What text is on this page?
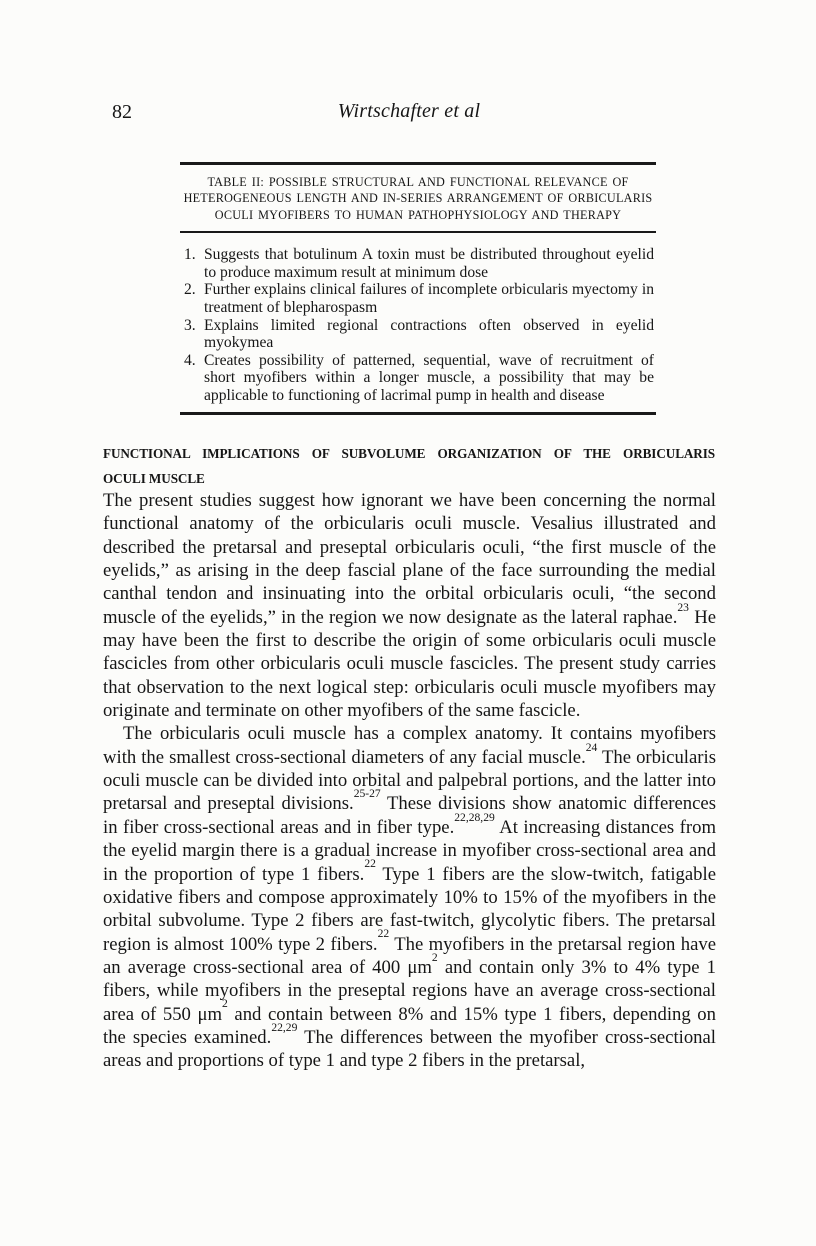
82	Wirtschafter et al
TABLE II: POSSIBLE STRUCTURAL AND FUNCTIONAL RELEVANCE OF
HETEROGENEOUS LENGTH AND IN-SERIES ARRANGEMENT OF ORBICULARIS
OCULI MYOFIBERS TO HUMAN PATHOPHYSIOLOGY AND THERAPY
1. Suggests that botulinum A toxin must be distributed throughout eyelid to produce maximum result at minimum dose
2. Further explains clinical failures of incomplete orbicularis myectomy in treatment of blepharospasm
3. Explains limited regional contractions often observed in eyelid myokymea
4. Creates possibility of patterned, sequential, wave of recruitment of short myofibers within a longer muscle, a possibility that may be applicable to functioning of lacrimal pump in health and disease
FUNCTIONAL IMPLICATIONS OF SUBVOLUME ORGANIZATION OF THE ORBICULARIS
OCULI MUSCLE

The present studies suggest how ignorant we have been concerning the normal functional anatomy of the orbicularis oculi muscle. Vesalius illustrated and described the pretarsal and preseptal orbicularis oculi, “the first muscle of the eyelids,” as arising in the deep fascial plane of the face surrounding the medial canthal tendon and insinuating into the orbital orbicularis oculi, “the second muscle of the eyelids,” in the region we now designate as the lateral raphae.$^{23}$ He may have been the first to describe the origin of some orbicularis oculi muscle fascicles from other orbicularis oculi muscle fascicles. The present study carries that observation to the next logical step: orbicularis oculi muscle myofibers may originate and terminate on other myofibers of the same fascicle.

The orbicularis oculi muscle has a complex anatomy. It contains myofibers with the smallest cross-sectional diameters of any facial muscle.$^{24}$ The orbicularis oculi muscle can be divided into orbital and palpebral portions, and the latter into pretarsal and preseptal divisions.$^{25-27}$ These divisions show anatomic differences in fiber cross-sectional areas and in fiber type.$^{22,28,29}$ At increasing distances from the eyelid margin there is a gradual increase in myofiber cross-sectional area and in the proportion of type 1 fibers.$^{22}$ Type 1 fibers are the slow-twitch, fatigable oxidative fibers and compose approximately 10% to 15% of the myofibers in the orbital subvolume. Type 2 fibers are fast-twitch, glycolytic fibers. The pretarsal region is almost 100% type 2 fibers.$^{22}$ The myofibers in the pretarsal region have an average cross-sectional area of 400 $\mu m^2$ and contain only 3% to 4% type 1 fibers, while myofibers in the preseptal regions have an average cross-sectional area of 550 $\mu m^2$ and contain between 8% and 15% type 1 fibers, depending on the species examined.$^{22,29}$ The differences between the myofiber cross-sectional areas and proportions of type 1 and type 2 fibers in the pretarsal,
